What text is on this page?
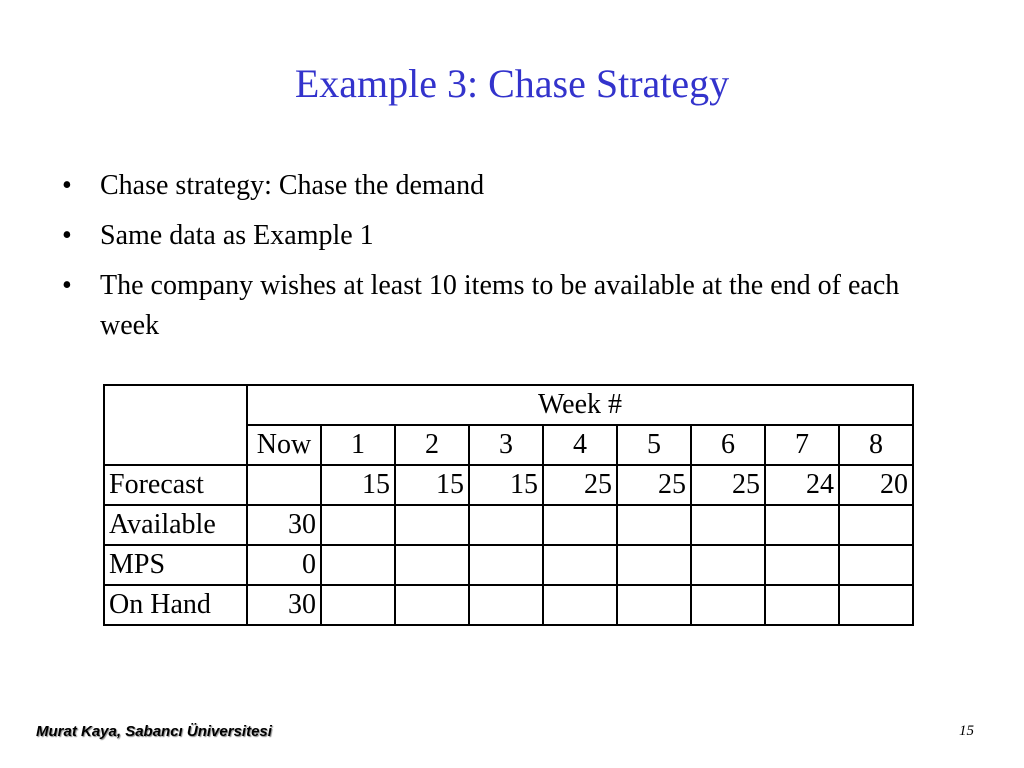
Example 3: Chase Strategy
• Chase strategy: Chase the demand
• Same data as Example 1
• The company wishes at least 10 items to be available at the end of each week
	Week #								
	Now	1	2	3	4	5	6	7	8
Forecast		15	15	15	25	25	25	24	20
Available	30								
MPS	0								
On Hand	30								
Murat Kaya, Sabancı Üniversitesi	15
